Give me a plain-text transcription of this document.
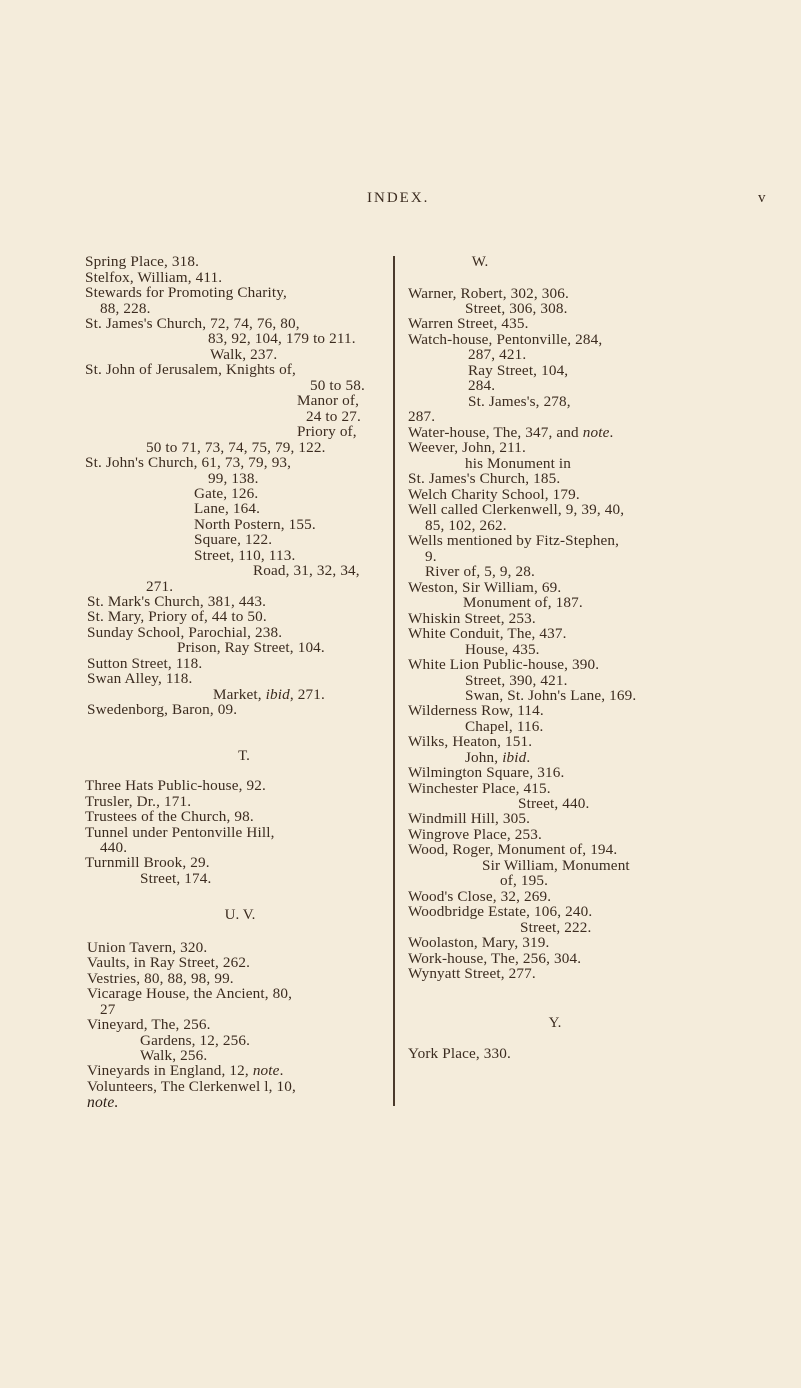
INDEX.	v
T.
U. V.
W.
Y.
Spring Place, 318.
Stelfox, William, 411.
Stewards for Promoting Charity,
88, 228.
St. James's Church, 72, 74, 76, 80,
83, 92, 104, 179 to 211.
Walk, 237.
St. John of Jerusalem, Knights of,
50 to 58.
Manor of,
24 to 27.
Priory of,
50 to 71, 73, 74, 75, 79, 122.
St. John's Church, 61, 73, 79, 93,
99, 138.
Gate, 126.
Lane, 164.
North Postern, 155.
Square, 122.
Street, 110, 113.
Road, 31, 32, 34,
271.
St. Mark's Church, 381, 443.
St. Mary, Priory of, 44 to 50.
Sunday School, Parochial, 238.
Prison, Ray Street, 104.
Sutton Street, 118.
Swan Alley, 118.
Market, ibid, 271.
Swedenborg, Baron, 09.
Three Hats Public-house, 92.
Trusler, Dr., 171.
Trustees of the Church, 98.
Tunnel under Pentonville Hill,
440.
Turnmill Brook, 29.
Street, 174.
Union Tavern, 320.
Vaults, in Ray Street, 262.
Vestries, 80, 88, 98, 99.
Vicarage House, the Ancient, 80,
27
Vineyard, The, 256.
Gardens, 12, 256.
Walk, 256.
Vineyards in England, 12, note.
Volunteers, The Clerkenwel l, 10,
note.
Warner, Robert, 302, 306.
Street, 306, 308.
Warren Street, 435.
Watch-house, Pentonville, 284,
287, 421.
Ray Street, 104,
284.
St. James's, 278,
287.
Water-house, The, 347, and note.
Weever, John, 211.
his Monument in
St. James's Church, 185.
Welch Charity School, 179.
Well called Clerkenwell, 9, 39, 40,
85, 102, 262.
Wells mentioned by Fitz-Stephen,
9.
River of, 5, 9, 28.
Weston, Sir William, 69.
Monument of, 187.
Whiskin Street, 253.
White Conduit, The, 437.
House, 435.
White Lion Public-house, 390.
Street, 390, 421.
Swan, St. John's Lane, 169.
Wilderness Row, 114.
Chapel, 116.
Wilks, Heaton, 151.
John, ibid.
Wilmington Square, 316.
Winchester Place, 415.
Street, 440.
Windmill Hill, 305.
Wingrove Place, 253.
Wood, Roger, Monument of, 194.
Sir William, Monument
of, 195.
Wood's Close, 32, 269.
Woodbridge Estate, 106, 240.
Street, 222.
Woolaston, Mary, 319.
Work-house, The, 256, 304.
Wynyatt Street, 277.
York Place, 330.
